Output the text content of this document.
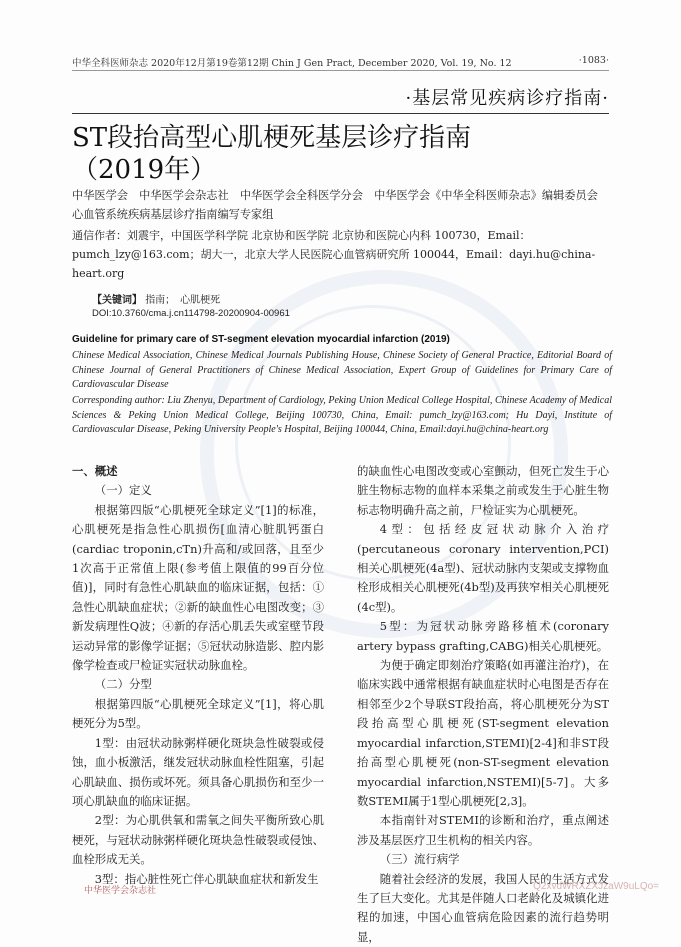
中华全科医师杂志 2020年12月第19卷第12期 Chin J Gen Pract, December 2020, Vol. 19, No. 12	·1083·
·基层常见疾病诊疗指南·
ST段抬高型心肌梗死基层诊疗指南
（2019年）
中华医学会　中华医学会杂志社　中华医学会全科医学分会　中华医学会《中华全科医师杂志》编辑委员会　心血管系统疾病基层诊疗指南编写专家组
通信作者：刘震宇，中国医学科学院 北京协和医学院 北京协和医院心内科 100730，Email：pumch_lzy@163.com；胡大一，北京大学人民医院心血管病研究所 100044，Email：dayi.hu@china-heart.org
【关键词】 指南；　心肌梗死
DOI:10.3760/cma.j.cn114798-20200904-00961
Guideline for primary care of ST-segment elevation myocardial infarction (2019)
Chinese Medical Association, Chinese Medical Journals Publishing House, Chinese Society of General Practice, Editorial Board of Chinese Journal of General Practitioners of Chinese Medical Association, Expert Group of Guidelines for Primary Care of Cardiovascular Disease
Corresponding author: Liu Zhenyu, Department of Cardiology, Peking Union Medical College Hospital, Chinese Academy of Medical Sciences & Peking Union Medical College, Beijing 100730, China, Email: pumch_lzy@163.com; Hu Dayi, Institute of Cardiovascular Disease, Peking University People's Hospital, Beijing 100044, China, Email:dayi.hu@china-heart.org

一、概述

（一）定义

根据第四版“心肌梗死全球定义”[1]的标准，心肌梗死是指急性心肌损伤[血清心脏肌钙蛋白(cardiac troponin,cTn)升高和/或回落，且至少1次高于正常值上限(参考值上限值的99百分位值)]，同时有急性心肌缺血的临床证据，包括：①急性心肌缺血症状；②新的缺血性心电图改变；③新发病理性Q波；④新的存活心肌丢失或室壁节段运动异常的影像学证据；⑤冠状动脉造影、腔内影像学检查或尸检证实冠状动脉血栓。

（二）分型

根据第四版“心肌梗死全球定义”[1]，将心肌梗死分为5型。

1型：由冠状动脉粥样硬化斑块急性破裂或侵蚀，血小板激活，继发冠状动脉血栓性阻塞，引起心肌缺血、损伤或坏死。须具备心肌损伤和至少一项心肌缺血的临床证据。

2型：为心肌供氧和需氧之间失平衡所致心肌梗死，与冠状动脉粥样硬化斑块急性破裂或侵蚀、血栓形成无关。

3型：指心脏性死亡伴心肌缺血症状和新发生

的缺血性心电图改变或心室颤动，但死亡发生于心脏生物标志物的血样本采集之前或发生于心脏生物标志物明确升高之前，尸检证实为心肌梗死。

4型：包括经皮冠状动脉介入治疗(percutaneous coronary intervention,PCI)相关心肌梗死(4a型)、冠状动脉内支架或支撑物血栓形成相关心肌梗死(4b型)及再狭窄相关心肌梗死(4c型)。

5型：为冠状动脉旁路移植术(coronary artery bypass grafting,CABG)相关心肌梗死。

为便于确定即刻治疗策略(如再灌注治疗)，在临床实践中通常根据有缺血症状时心电图是否存在相邻至少2个导联ST段抬高，将心肌梗死分为ST段抬高型心肌梗死(ST-segment elevation myocardial infarction,STEMI)[2-4]和非ST段抬高型心肌梗死(non-ST-segment elevation myocardial infarction,NSTEMI)[5-7]。大多数STEMI属于1型心肌梗死[2,3]。

本指南针对STEMI的诊断和治疗，重点阐述涉及基层医疗卫生机构的相关内容。

（三）流行病学

随着社会经济的发展，我国人民的生活方式发生了巨大变化。尤其是伴随人口老龄化及城镇化进程的加速，中国心血管病危险因素的流行趋势明显，

中华医学会杂志社	Q2xvdWRXZXJzaW9uLQo=
